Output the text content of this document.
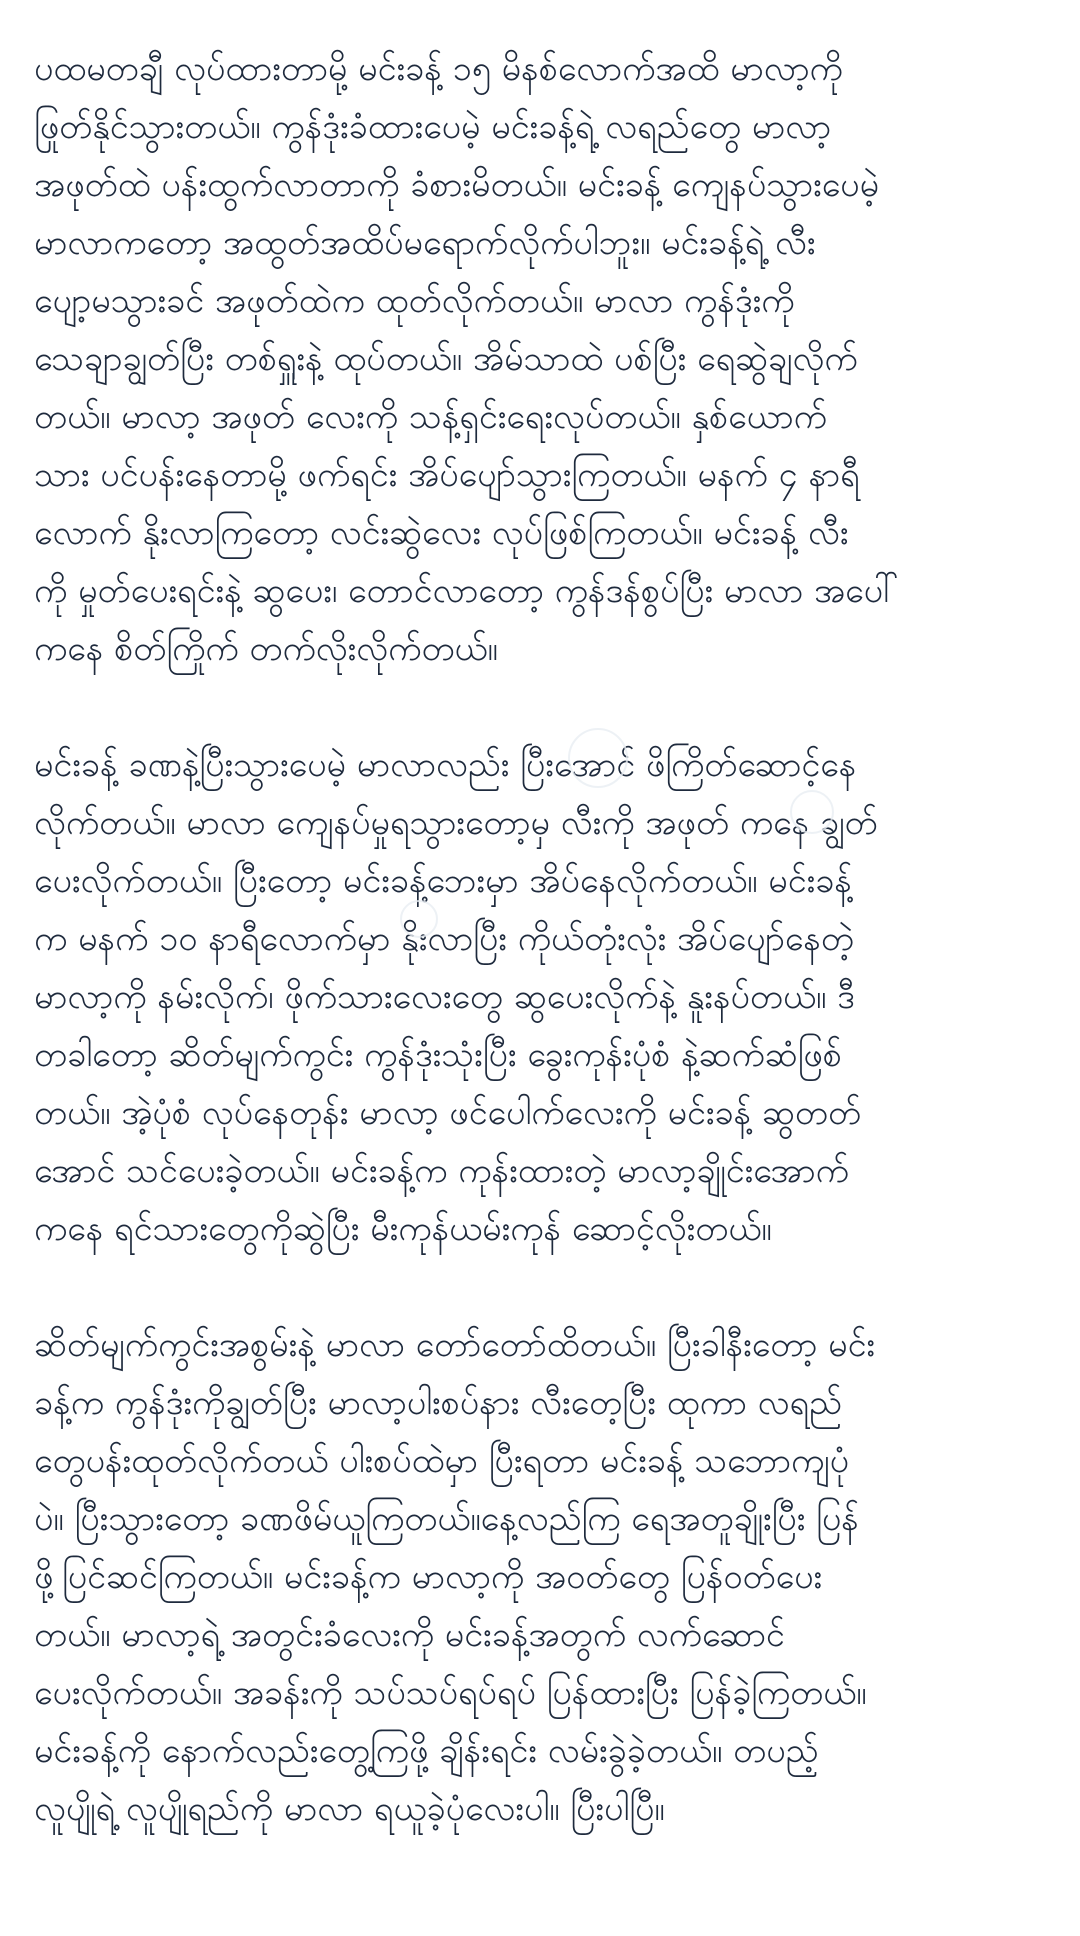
ပထမတချီ လုပ်ထားတာမို့ မင်းခန့် ၁၅ မိနစ်လောက်အထိ မာလာ့ကို
ဖြုတ်နိုင်သွားတယ်။ ကွန်ဒုံးခံထားပေမဲ့ မင်းခန့်ရဲ့ လရည်တွေ မာလာ့
အဖုတ်ထဲ ပန်းထွက်လာတာကို ခံစားမိတယ်။ မင်းခန့် ကျေနပ်သွားပေမဲ့
မာလာကတော့ အထွတ်အထိပ်မရောက်လိုက်ပါဘူး။ မင်းခန့်ရဲ့ လီး
ပျော့မသွားခင် အဖုတ်ထဲက ထုတ်လိုက်တယ်။ မာလာ ကွန်ဒုံးကို
သေချာချွတ်ပြီး တစ်ရှူးနဲ့ ထုပ်တယ်။ အိမ်သာထဲ ပစ်ပြီး ရေဆွဲချလိုက်
တယ်။ မာလာ့ အဖုတ် လေးကို သန့်ရှင်းရေးလုပ်တယ်။ နှစ်ယောက်
သား ပင်ပန်းနေတာမို့ ဖက်ရင်း အိပ်ပျော်သွားကြတယ်။ မနက် ၄ နာရီ
လောက် နိုးလာကြတော့ လင်းဆွဲလေး လုပ်ဖြစ်ကြတယ်။ မင်းခန့် လီး
ကို မှုတ်ပေးရင်းနဲ့ ဆွပေး၊ တောင်လာတော့ ကွန်ဒန်စွပ်ပြီး မာလာ အပေါ်
ကနေ စိတ်ကြိုက် တက်လိုးလိုက်တယ်။
မင်းခန့် ခဏနဲ့ပြီးသွားပေမဲ့ မာလာလည်း ပြီးအောင် ဖိကြိတ်ဆောင့်နေ
လိုက်တယ်။ မာလာ ကျေနပ်မှုရသွားတော့မှ လီးကို အဖုတ် ကနေ ချွတ်
ပေးလိုက်တယ်။ ပြီးတော့ မင်းခန့်ဘေးမှာ အိပ်နေလိုက်တယ်။ မင်းခန့်
က မနက် ၁၀ နာရီလောက်မှာ နိုးလာပြီး ကိုယ်တုံးလုံး အိပ်ပျော်နေတဲ့
မာလာ့ကို နမ်းလိုက်၊ ဖိုက်သားလေးတွေ ဆွပေးလိုက်နဲ့ နူးနပ်တယ်။ ဒီ
တခါတော့ ဆိတ်မျက်ကွင်း ကွန်ဒုံးသုံးပြီး ခွေးကုန်းပုံစံ နဲ့ဆက်ဆံဖြစ်
တယ်။ အဲ့ပုံစံ လုပ်နေတုန်း မာလာ့ ဖင်ပေါက်လေးကို မင်းခန့် ဆွတတ်
အောင် သင်ပေးခဲ့တယ်။ မင်းခန့်က ကုန်းထားတဲ့ မာလာ့ချိုင်းအောက်
ကနေ ရင်သားတွေကိုဆွဲပြီး မီးကုန်ယမ်းကုန် ဆောင့်လိုးတယ်။
ဆိတ်မျက်ကွင်းအစွမ်းနဲ့ မာလာ တော်တော်ထိတယ်။ ပြီးခါနီးတော့ မင်း
ခန့်က ကွန်ဒုံးကိုချွတ်ပြီး မာလာ့ပါးစပ်နား လီးတေ့ပြီး ထုကာ လရည်
တွေပန်းထုတ်လိုက်တယ် ပါးစပ်ထဲမှာ ပြီးရတာ မင်းခန့် သဘောကျပုံ
ပဲ။ ပြီးသွားတော့ ခဏဖိမ်ယူကြတယ်။နေ့လည်ကြ ရေအတူချိုးပြီး ပြန်
ဖို့ပြင်ဆင်ကြတယ်။ မင်းခန့်က မာလာ့ကို အဝတ်တွေ ပြန်ဝတ်ပေး
တယ်။ မာလာ့ရဲ့ အတွင်းခံလေးကို မင်းခန့်အတွက် လက်ဆောင်
ပေးလိုက်တယ်။ အခန်းကို သပ်သပ်ရပ်ရပ် ပြန်ထားပြီး ပြန်ခဲ့ကြတယ်။
မင်းခန့်ကို နောက်လည်းတွေ့ကြဖို့ ချိန်းရင်း လမ်းခွဲခဲ့တယ်။ တပည့်
လူပျိုရဲ့ လူပျိုရည်ကို မာလာ ရယူခဲ့ပုံလေးပါ။ ပြီးပါပြီ။
